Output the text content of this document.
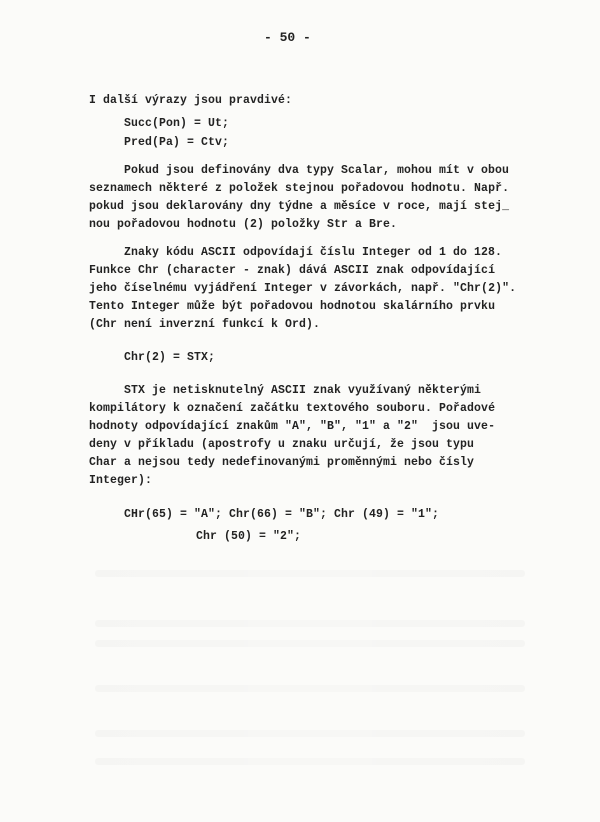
- 50 -
I další výrazy jsou pravdivé:
Succ(Pon) = Ut;
Pred(Pa) = Ctv;
Pokud jsou definovány dva typy Scalar, mohou mít v obou
seznamech některé z položek stejnou pořadovou hodnotu. Např.
pokud jsou deklarovány dny týdne a měsíce v roce, mají stej_
nou pořadovou hodnotu (2) položky Str a Bre.
Znaky kódu ASCII odpovídají číslu Integer od 1 do 128.
Funkce Chr (character - znak) dává ASCII znak odpovídající
jeho číselnému vyjádření Integer v závorkách, např. "Chr(2)".
Tento Integer může být pořadovou hodnotou skalárního prvku
(Chr není inverzní funkcí k Ord).
Chr(2) = STX;
STX je netisknutelný ASCII znak využívaný některými
kompilátory k označení začátku textového souboru. Pořadové
hodnoty odpovídající znakům "A", "B", "1" a "2"  jsou uve-
deny v příkladu (apostrofy u znaku určují, že jsou typu
Char a nejsou tedy nedefinovanými proměnnými nebo čísly
Integer):
CHr(65) = "A"; Chr(66) = "B"; Chr (49) = "1";
Chr (50) = "2";
